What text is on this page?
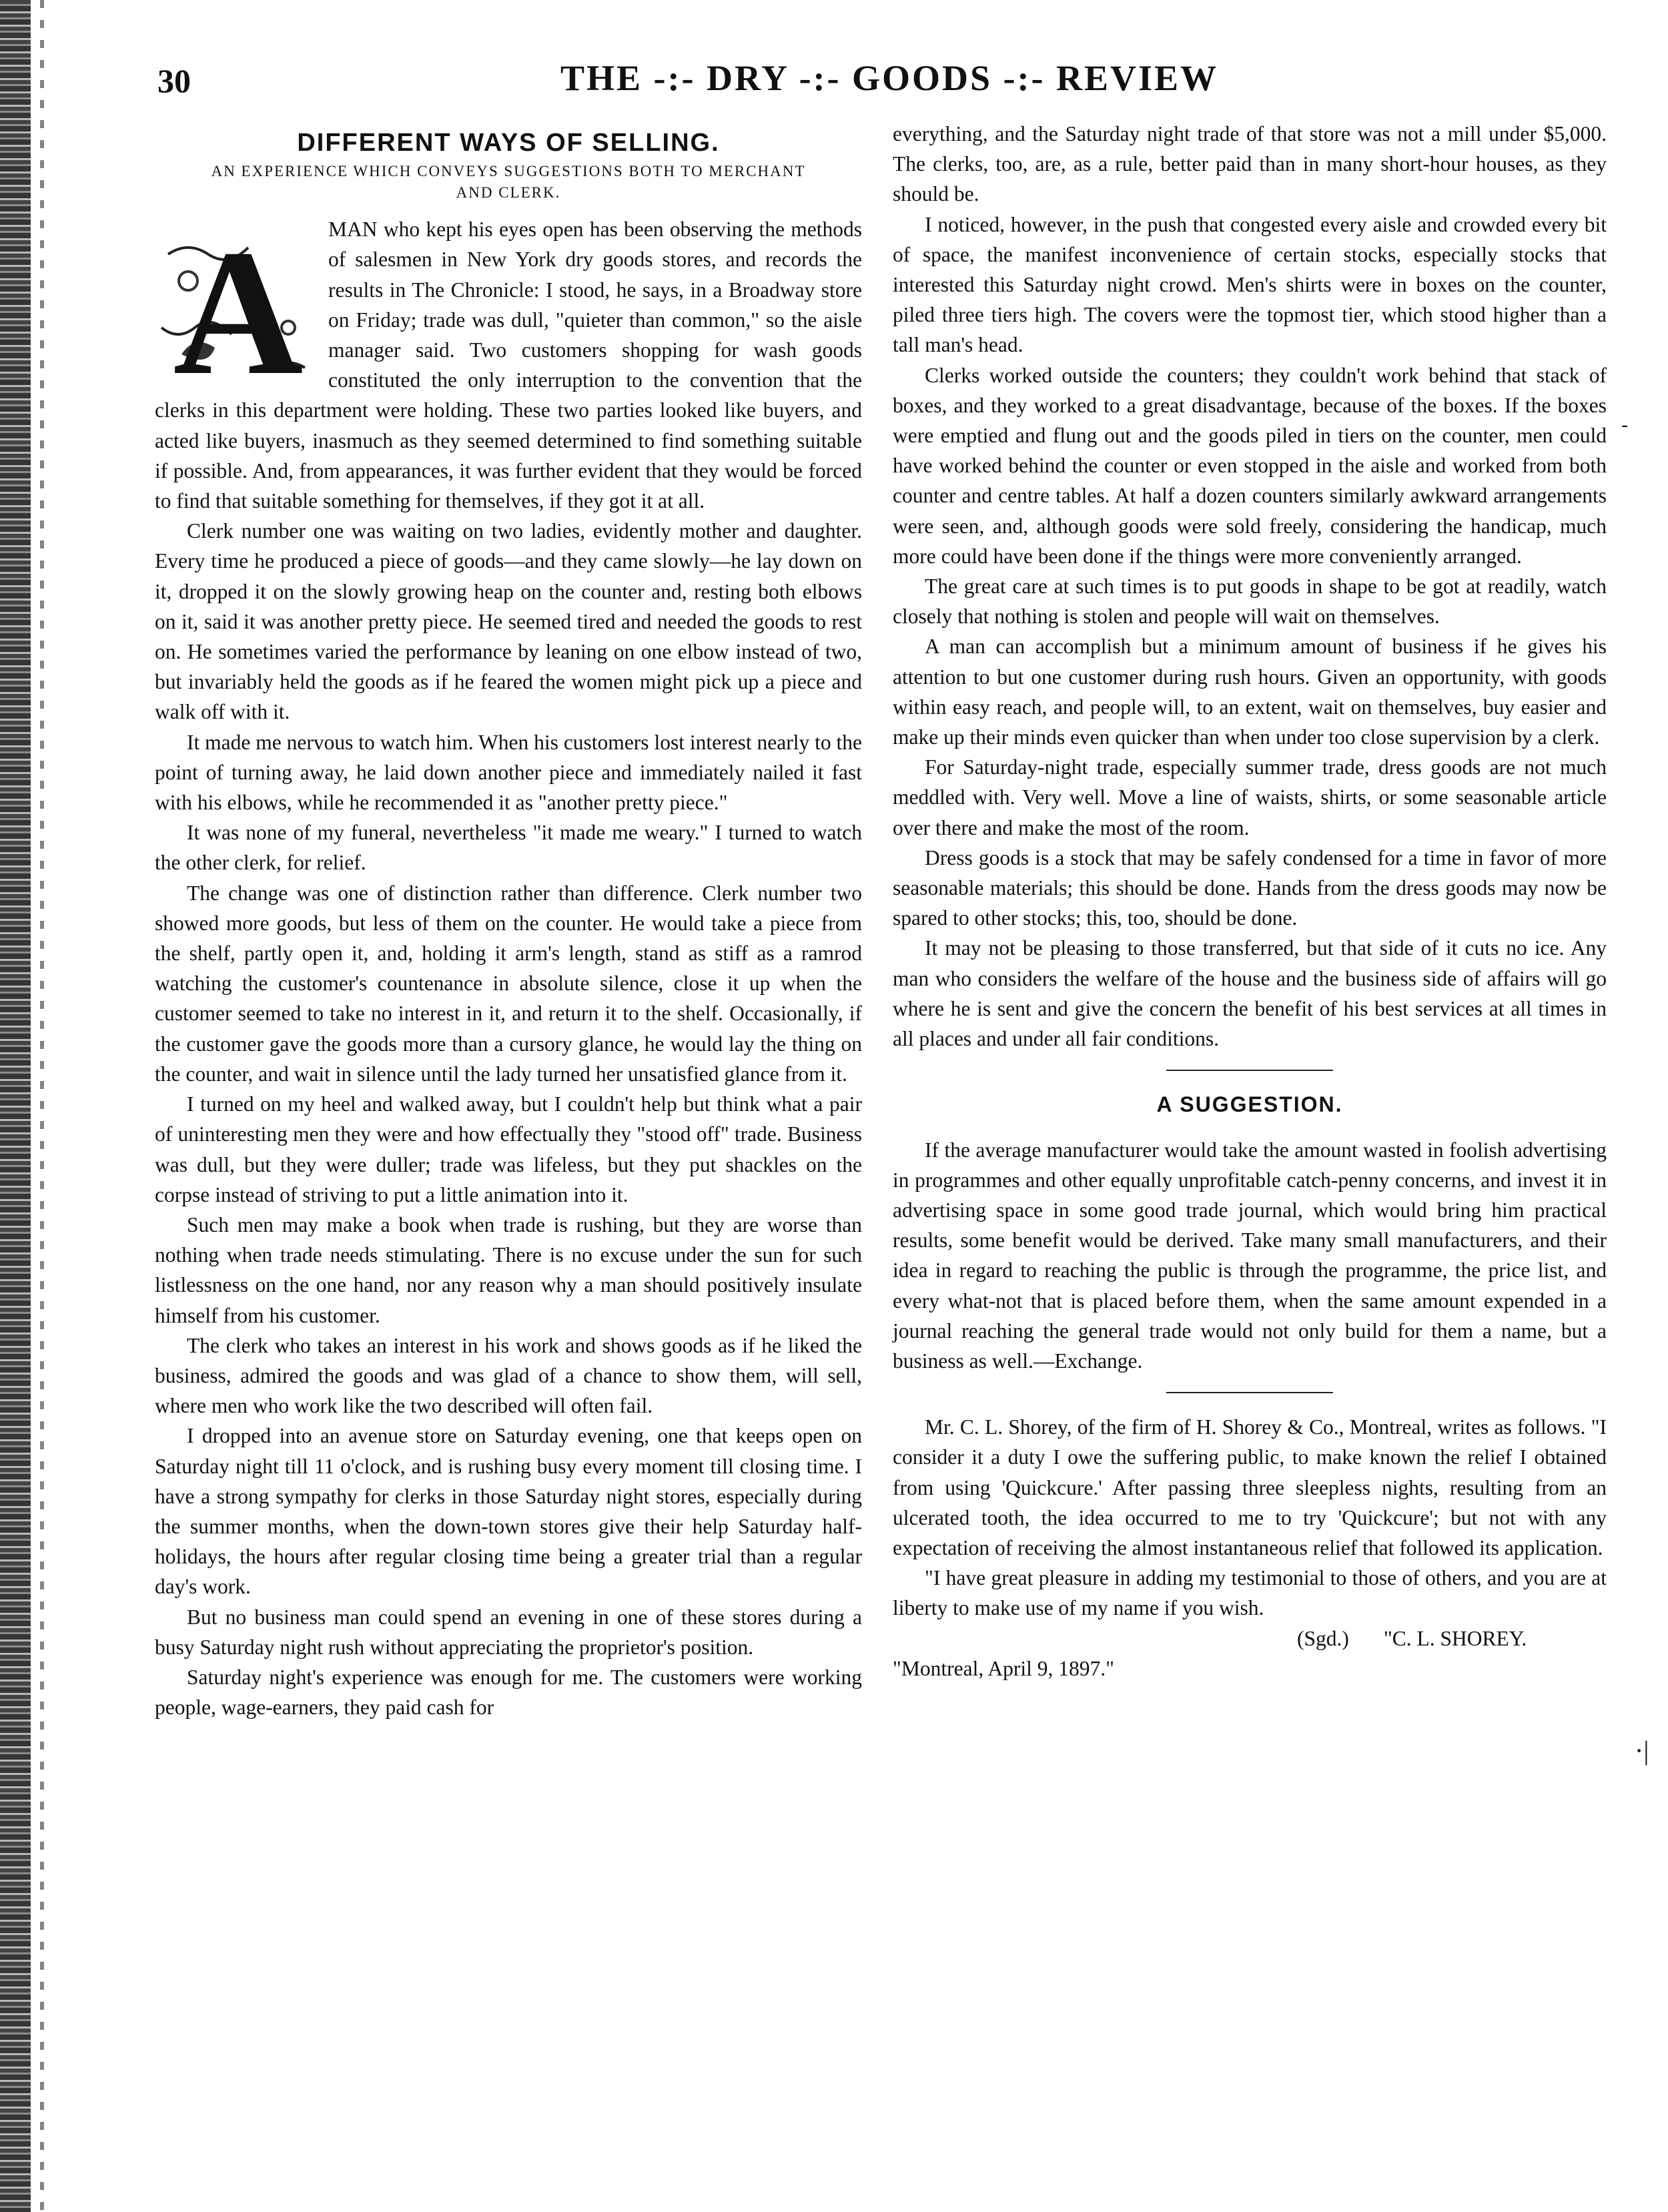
30	THE -:- DRY -:- GOODS -:- REVIEW
DIFFERENT WAYS OF SELLING.
AN EXPERIENCE WHICH CONVEYS SUGGESTIONS BOTH TO MERCHANT AND CLERK.
A	MAN who kept his eyes open has been observing the methods of salesmen in New York dry goods stores, and records the results in The Chronicle: I stood, he says, in a Broadway store on Friday; trade was dull, "quieter than common," so the aisle manager said. Two customers shopping for wash goods constituted the only interruption to the convention that the clerks in this department were holding. These two parties looked like buyers, and acted like buyers, inasmuch as they seemed determined to find something suitable if possible. And, from appearances, it was further evident that they would be forced to find that suitable something for themselves, if they got it at all.

Clerk number one was waiting on two ladies, evidently mother and daughter. Every time he produced a piece of goods—and they came slowly—he lay down on it, dropped it on the slowly growing heap on the counter and, resting both elbows on it, said it was another pretty piece. He seemed tired and needed the goods to rest on. He sometimes varied the performance by leaning on one elbow instead of two, but invariably held the goods as if he feared the women might pick up a piece and walk off with it.

It made me nervous to watch him. When his customers lost interest nearly to the point of turning away, he laid down another piece and immediately nailed it fast with his elbows, while he recommended it as "another pretty piece."

It was none of my funeral, nevertheless "it made me weary." I turned to watch the other clerk, for relief.

The change was one of distinction rather than difference. Clerk number two showed more goods, but less of them on the counter. He would take a piece from the shelf, partly open it, and, holding it arm's length, stand as stiff as a ramrod watching the customer's countenance in absolute silence, close it up when the customer seemed to take no interest in it, and return it to the shelf. Occasionally, if the customer gave the goods more than a cursory glance, he would lay the thing on the counter, and wait in silence until the lady turned her unsatisfied glance from it.

I turned on my heel and walked away, but I couldn't help but think what a pair of uninteresting men they were and how effectually they "stood off" trade. Business was dull, but they were duller; trade was lifeless, but they put shackles on the corpse instead of striving to put a little animation into it.

Such men may make a book when trade is rushing, but they are worse than nothing when trade needs stimulating. There is no excuse under the sun for such listlessness on the one hand, nor any reason why a man should positively insulate himself from his customer.

The clerk who takes an interest in his work and shows goods as if he liked the business, admired the goods and was glad of a chance to show them, will sell, where men who work like the two described will often fail.

I dropped into an avenue store on Saturday evening, one that keeps open on Saturday night till 11 o'clock, and is rushing busy every moment till closing time. I have a strong sympathy for clerks in those Saturday night stores, especially during the summer months, when the down-town stores give their help Saturday half-holidays, the hours after regular closing time being a greater trial than a regular day's work.

But no business man could spend an evening in one of these stores during a busy Saturday night rush without appreciating the proprietor's position.

Saturday night's experience was enough for me. The customers were working people, wage-earners, they paid cash for

everything, and the Saturday night trade of that store was not a mill under $5,000. The clerks, too, are, as a rule, better paid than in many short-hour houses, as they should be.

I noticed, however, in the push that congested every aisle and crowded every bit of space, the manifest inconvenience of certain stocks, especially stocks that interested this Saturday night crowd. Men's shirts were in boxes on the counter, piled three tiers high. The covers were the topmost tier, which stood higher than a tall man's head.

Clerks worked outside the counters; they couldn't work behind that stack of boxes, and they worked to a great disadvantage, because of the boxes. If the boxes were emptied and flung out and the goods piled in tiers on the counter, men could have worked behind the counter or even stopped in the aisle and worked from both counter and centre tables. At half a dozen counters similarly awkward arrangements were seen, and, although goods were sold freely, considering the handicap, much more could have been done if the things were more conveniently arranged.

The great care at such times is to put goods in shape to be got at readily, watch closely that nothing is stolen and people will wait on themselves.

A man can accomplish but a minimum amount of business if he gives his attention to but one customer during rush hours. Given an opportunity, with goods within easy reach, and people will, to an extent, wait on themselves, buy easier and make up their minds even quicker than when under too close supervision by a clerk.

For Saturday-night trade, especially summer trade, dress goods are not much meddled with. Very well. Move a line of waists, shirts, or some seasonable article over there and make the most of the room.

Dress goods is a stock that may be safely condensed for a time in favor of more seasonable materials; this should be done. Hands from the dress goods may now be spared to other stocks; this, too, should be done.

It may not be pleasing to those transferred, but that side of it cuts no ice. Any man who considers the welfare of the house and the business side of affairs will go where he is sent and give the concern the benefit of his best services at all times in all places and under all fair conditions.

A SUGGESTION.

If the average manufacturer would take the amount wasted in foolish advertising in programmes and other equally unprofitable catch-penny concerns, and invest it in advertising space in some good trade journal, which would bring him practical results, some benefit would be derived. Take many small manufacturers, and their idea in regard to reaching the public is through the programme, the price list, and every what-not that is placed before them, when the same amount expended in a journal reaching the general trade would not only build for them a name, but a business as well.—Exchange.

Mr. C. L. Shorey, of the firm of H. Shorey & Co., Montreal, writes as follows. "I consider it a duty I owe the suffering public, to make known the relief I obtained from using 'Quickcure.' After passing three sleepless nights, resulting from an ulcerated tooth, the idea occurred to me to try 'Quickcure'; but not with any expectation of receiving the almost instantaneous relief that followed its application.

"I have great pleasure in adding my testimonial to those of others, and you are at liberty to make use of my name if you wish.

(Sgd.) "C. L. SHOREY.

"Montreal, April 9, 1897."

-
·|
